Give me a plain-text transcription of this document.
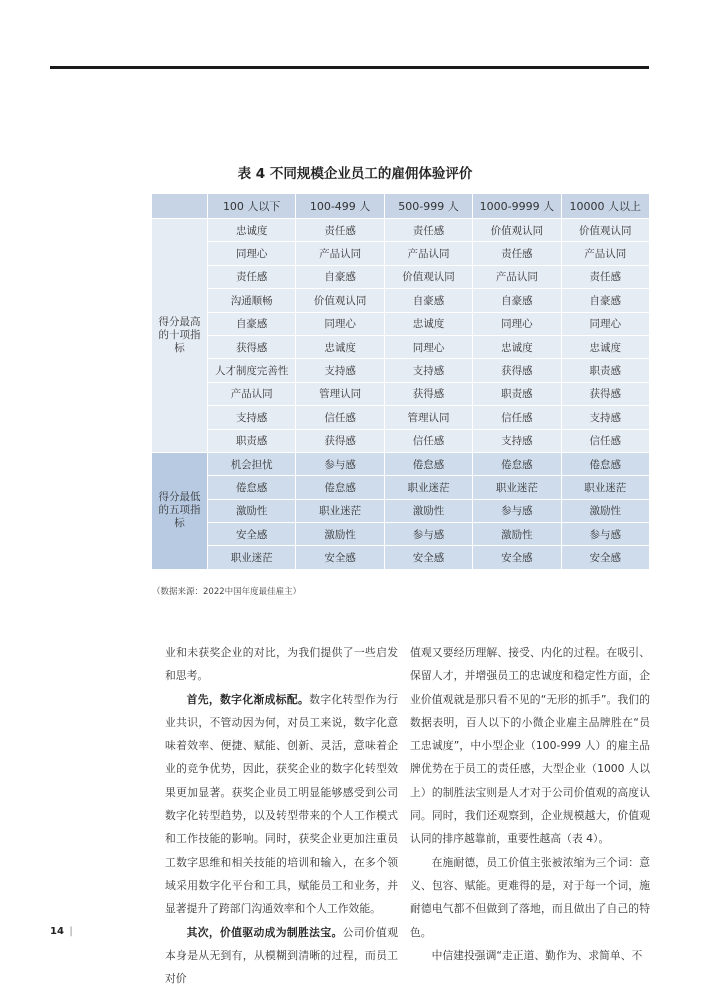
表 4 不同规模企业员工的雇佣体验评价
	100 人以下	100-499 人	500-999 人	1000-9999 人	10000 人以上
得分最高的十项指标	忠诚度	责任感	责任感	价值观认同	价值观认同
	同理心	产品认同	产品认同	责任感	产品认同
	责任感	自豪感	价值观认同	产品认同	责任感
	沟通顺畅	价值观认同	自豪感	自豪感	自豪感
	自豪感	同理心	忠诚度	同理心	同理心
	获得感	忠诚度	同理心	忠诚度	忠诚度
	人才制度完善性	支持感	支持感	获得感	职责感
	产品认同	管理认同	获得感	职责感	获得感
	支持感	信任感	管理认同	信任感	支持感
	职责感	获得感	信任感	支持感	信任感
得分最低的五项指标	机会担忧	参与感	倦怠感	倦怠感	倦怠感
	倦怠感	倦怠感	职业迷茫	职业迷茫	职业迷茫
	激励性	职业迷茫	激励性	参与感	激励性
	安全感	激励性	参与感	激励性	参与感
	职业迷茫	安全感	安全感	安全感	安全感
（数据来源：2022中国年度最佳雇主）

业和未获奖企业的对比，为我们提供了一些启发和思考。

首先，数字化渐成标配。数字化转型作为行业共识，不管动因为何，对员工来说，数字化意味着效率、便捷、赋能、创新、灵活，意味着企业的竞争优势，因此，获奖企业的数字化转型效果更加显著。获奖企业员工明显能够感受到公司数字化转型趋势，以及转型带来的个人工作模式和工作技能的影响。同时，获奖企业更加注重员工数字思维和相关技能的培训和输入，在多个领域采用数字化平台和工具，赋能员工和业务，并显著提升了跨部门沟通效率和个人工作效能。

其次，价值驱动成为制胜法宝。公司价值观本身是从无到有，从模糊到清晰的过程，而员工对价

值观又要经历理解、接受、内化的过程。在吸引、保留人才，并增强员工的忠诚度和稳定性方面，企业价值观就是那只看不见的“无形的抓手”。我们的数据表明，百人以下的小微企业雇主品牌胜在“员工忠诚度”，中小型企业（100-999 人）的雇主品牌优势在于员工的责任感，大型企业（1000 人以上）的制胜法宝则是人才对于公司价值观的高度认同。同时，我们还观察到，企业规模越大，价值观认同的排序越靠前，重要性越高（表 4）。

在施耐德，员工价值主张被浓缩为三个词：意义、包容、赋能。更难得的是，对于每一个词，施耐德电气都不但做到了落地，而且做出了自己的特色。

中信建投强调“走正道、勤作为、求简单、不

14 |
